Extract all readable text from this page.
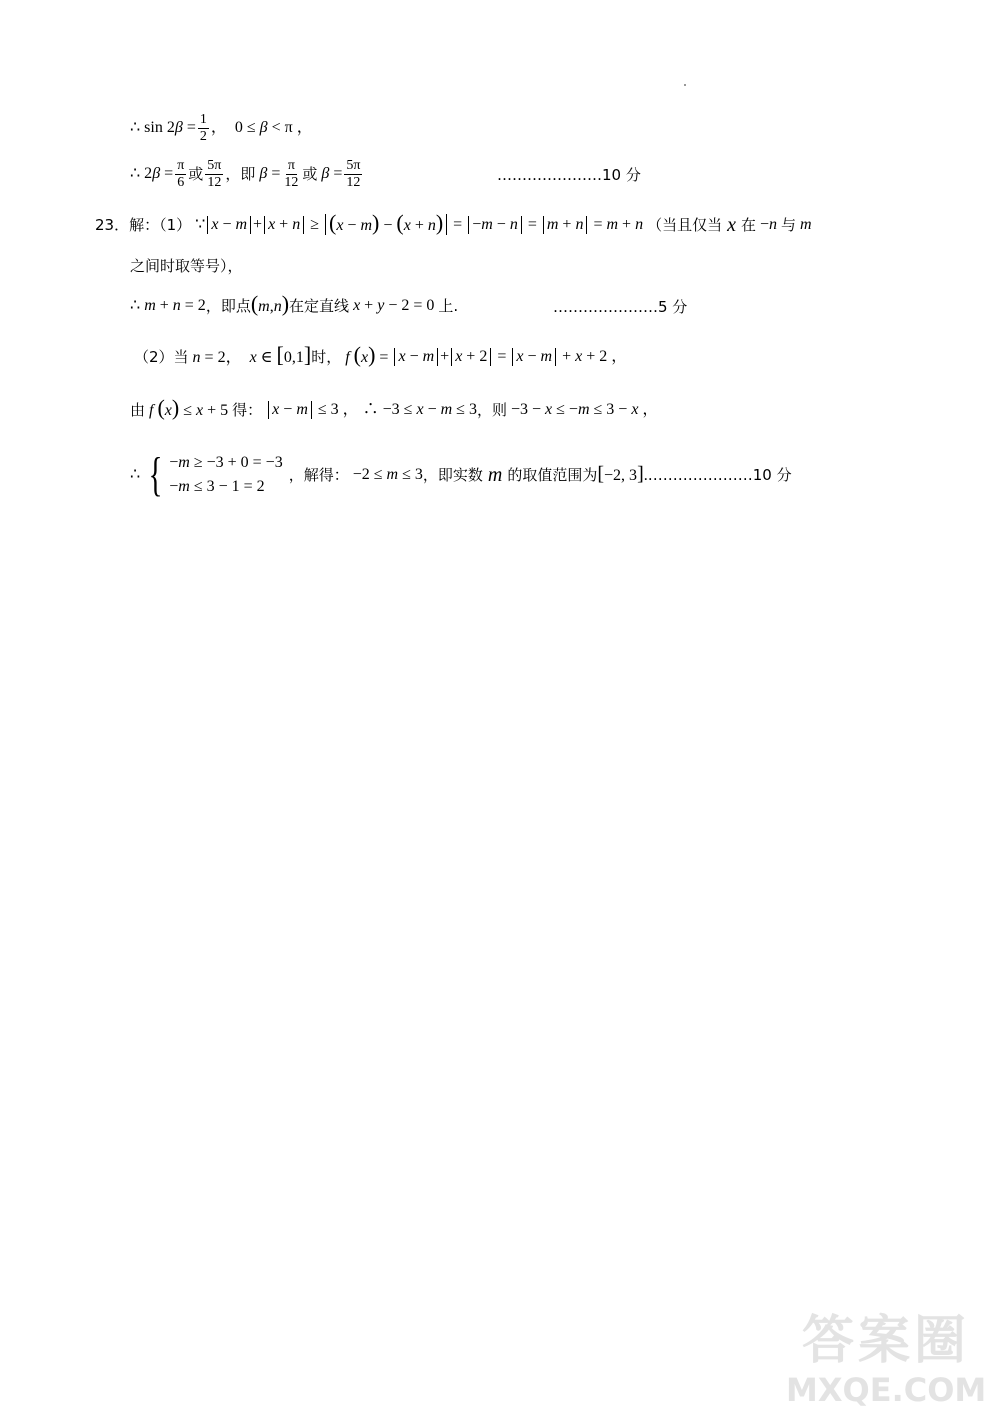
∴ $\sin 2\beta = \frac{1}{2}$ ，  0 ≤ β < π ，
∴ $2\beta = \frac{\pi}{6}$ 或 $\frac{5\pi}{12}$ ，即 $\beta = \frac{\pi}{12}$ 或 $\beta = \frac{5\pi}{12}$	…………………10 分
23． 解：（1） ∵ x − m + x + n ≥ (x − m) − (x + n) = −m − n = m + n = m + n （当且仅当 x 在 −n 与 m
之间时取等号），
∴ m + n = 2 ，即点 (m,n) 在定直线 x + y − 2 = 0 上.	…………………5 分
（2）当 n = 2，  x ∈ [0,1] 时， f (x) = x − m + x + 2 = x − m + x + 2 ，
由 f (x) ≤ x + 5 得：
x − m ≤ 3 ， ∴ −3 ≤ x − m ≤ 3 ，则 −3 − x ≤ −m ≤ 3 − x ，
∴ { −m ≥ −3 + 0 = −3
−m ≤ 3 − 1 = 2
，解得： −2 ≤ m ≤ 3 ，即实数 m 的取值范围为 [−2, 3]. …………………10 分
答案圈
MXQE.COM
